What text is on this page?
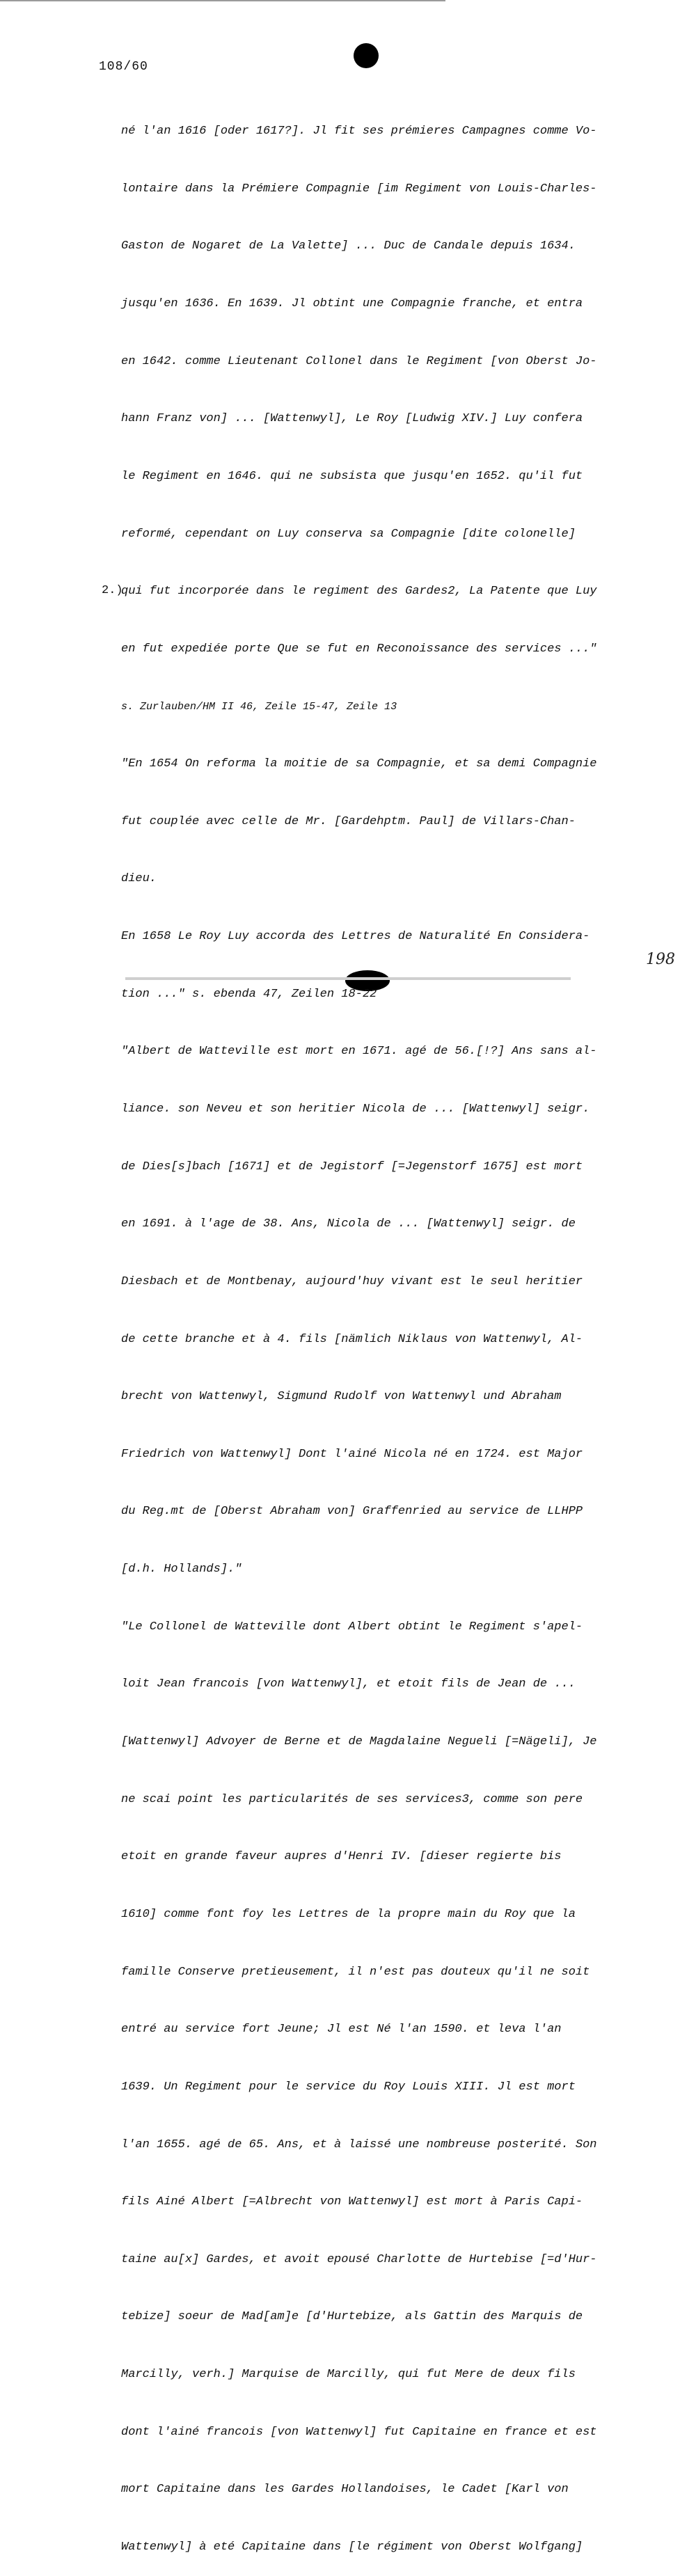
108/60
2.)

né l'an 1616 [oder 1617?]. Jl fit ses prémieres Campagnes comme Vo-

lontaire dans la Prémiere Compagnie [im Regiment von Louis-Charles-

Gaston de Nogaret de La Valette] ... Duc de Candale depuis 1634.

jusqu'en 1636. En 1639. Jl obtint une Compagnie franche, et entra

en 1642. comme Lieutenant Collonel dans le Regiment [von Oberst Jo-

hann Franz von] ... [Wattenwyl], Le Roy [Ludwig XIV.] Luy confera

le Regiment en 1646. qui ne subsista que jusqu'en 1652. qu'il fut

reformé, cependant on Luy conserva sa Compagnie [dite colonelle]

qui fut incorporée dans le regiment des Gardes2, La Patente que Luy

en fut expediée porte Que se fut en Reconoissance des services ..."

s. Zurlauben/HM II 46, Zeile 15-47, Zeile 13

"En 1654 On reforma la moitie de sa Compagnie, et sa demi Compagnie

fut couplée avec celle de Mr. [Gardehptm. Paul] de Villars-Chan-

dieu.

En 1658 Le Roy Luy accorda des Lettres de Naturalité En Considera-

tion ..." s. ebenda 47, Zeilen 18-22

"Albert de Watteville est mort en 1671. agé de 56.[!?] Ans sans al-

liance. son Neveu et son heritier Nicola de ... [Wattenwyl] seigr.

de Dies[s]bach [1671] et de Jegistorf [=Jegenstorf 1675] est mort

en 1691. à l'age de 38. Ans, Nicola de ... [Wattenwyl] seigr. de

Diesbach et de Montbenay, aujourd'huy vivant est le seul heritier

de cette branche et à 4. fils [nämlich Niklaus von Wattenwyl, Al-

brecht von Wattenwyl, Sigmund Rudolf von Wattenwyl und Abraham

Friedrich von Wattenwyl] Dont l'ainé Nicola né en 1724. est Major

du Reg.mt de [Oberst Abraham von] Graffenried au service de LLHPP

[d.h. Hollands]."

"Le Collonel de Watteville dont Albert obtint le Regiment s'apel-

loit Jean francois [von Wattenwyl], et etoit fils de Jean de ...

[Wattenwyl] Advoyer de Berne et de Magdalaine Negueli [=Nägeli], Je

ne scai point les particularités de ses services3, comme son pere

etoit en grande faveur aupres d'Henri IV. [dieser regierte bis

1610] comme font foy les Lettres de la propre main du Roy que la

famille Conserve pretieusement, il n'est pas douteux qu'il ne soit

entré au service fort Jeune; Jl est Né l'an 1590. et leva l'an

1639. Un Regiment pour le service du Roy Louis XIII. Jl est mort

l'an 1655. agé de 65. Ans, et à laissé une nombreuse posterité. Son

fils Ainé Albert [=Albrecht von Wattenwyl] est mort à Paris Capi-

taine au[x] Gardes, et avoit epousé Charlotte de Hurtebise [=d'Hur-

tebize] soeur de Mad[am]e [d'Hurtebize, als Gattin des Marquis de

Marcilly, verh.] Marquise de Marcilly, qui fut Mere de deux fils

dont l'ainé francois [von Wattenwyl] fut Capitaine en france et est

mort Capitaine dans les Gardes Hollandoises, le Cadet [Karl von

Wattenwyl] à eté Capitaine dans [le régiment von Oberst Wolfgang]

198
